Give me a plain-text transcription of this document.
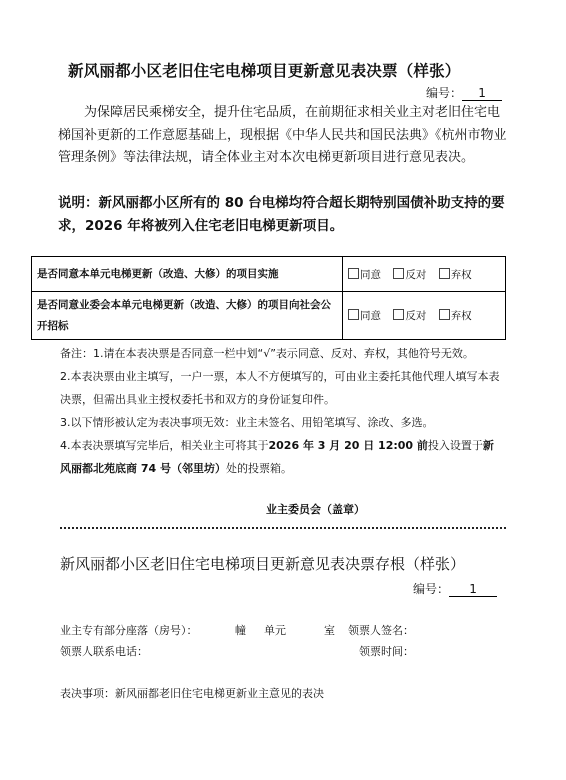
新风丽都小区老旧住宅电梯项目更新意见表决票（样张）
编号： 1

为保障居民乘梯安全，提升住宅品质，在前期征求相关业主对老旧住宅电梯国补更新的工作意愿基础上，现根据《中华人民共和国民法典》《杭州市物业管理条例》等法律法规，请全体业主对本次电梯更新项目进行意见表决。

说明：新风丽都小区所有的 80 台电梯均符合超长期特别国债补助支持的要求，2026 年将被列入住宅老旧电梯更新项目。

是否同意本单元电梯更新（改造、大修）的项目实施	同意 反对 弃权
是否同意业委会本单元电梯更新（改造、大修）的项目向社会公开招标	同意 反对 弃权

备注：1.请在本表决票是否同意一栏中划“√”表示同意、反对、弃权，其他符号无效。

2.本表决票由业主填写，一户一票，本人不方便填写的，可由业主委托其他代理人填写本表决票，但需出具业主授权委托书和双方的身份证复印件。

3.以下情形被认定为表决事项无效：业主未签名、用铅笔填写、涂改、多选。

4.本表决票填写完毕后，相关业主可将其于2026 年 3 月 20 日 12:00 前投入设置于新风丽都北苑底商 74 号（邻里坊）处的投票箱。

业主委员会（盖章）
新风丽都小区老旧住宅电梯项目更新意见表决票存根（样张）
编号： 1
业主专有部分座落（房号）：	幢 单元	室 领票人签名：
领票人联系电话：	领票时间：
表决事项：新风丽都老旧住宅电梯更新业主意见的表决
